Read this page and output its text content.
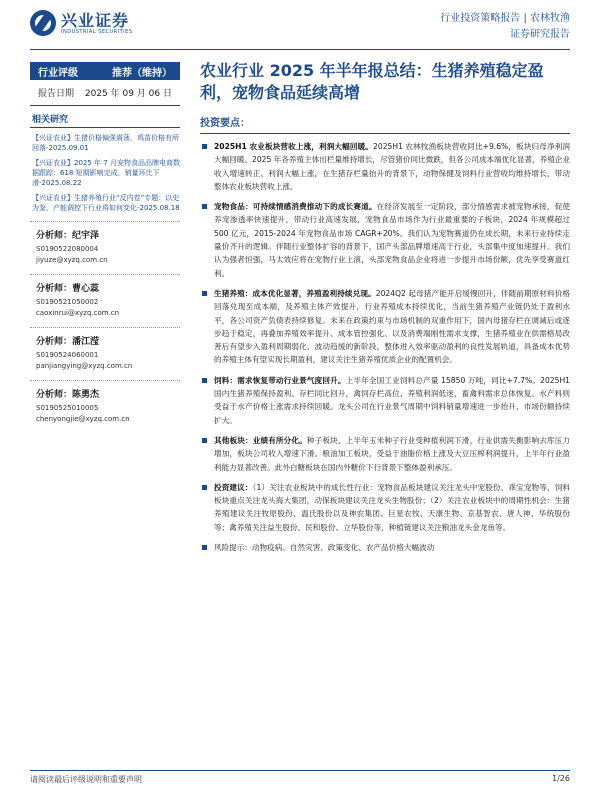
兴业证券
INDUSTRIAL SECURITIES
行业投资策略报告 | 农林牧渔
证券研究报告
行业评级	推荐（维持）
报告日期 2025 年 09 月 06 日
相关研究
【兴证农业】生猪价格偏强震荡，鸡苗价格有所回落-2025.09.01
【兴证农业】2025 年 7 月宠物食品品牌电商数据跟踪：618 短期影响完成，销量环比下滑-2025.08.22
【兴证农业】生猪养殖行业“反内卷”专题：以史为鉴，产能调控下行业将如何变化-2025.08.18
分析师：纪宇泽
S0190522080004
jiyuze@xyzq.com.cn
分析师：曹心蕊
S0190521050002
caoxinrui@xyzq.com.cn
分析师：潘江滢
S0190524060001
panjiangying@xyzq.com.cn
分析师：陈勇杰
S0190525010005
chenyongjie@xyzq.com.cn
农业行业 2025 年半年报总结：生猪养殖稳定盈利，宠物食品延续高增
投资要点：
2025H1 农业板块营收上涨，利润大幅回暖。2025H1 农林牧渔板块营收同比+9.6%，板块归母净利润大幅回暖。2025 年各养殖主体出栏量维持增长，尽管猪价同比微跌，但各公司成本端优化显著，养殖企业收入增速转正、利润大幅上涨，在生猪存栏量抬升的背景下，动物保健及饲料行业营收均维持增长，带动整体农业板块营收上涨。
宠物食品：可持续情感消费推动下的成长赛道。在经济发展至一定阶段，部分情感需求被宠物承接，促使养宠渗透率快速提升，带动行业高速发展，宠物食品市场作为行业最重要的子板块，2024 年规模超过 500 亿元，2015-2024 年宠物食品市场 CAGR+20%。我们认为宠物赛道仍在成长期，未来行业持续走量价齐升的逻辑。伴随行业整体扩容的背景下，国产头部品牌增速高于行业，头部集中度加速提升。我们认为强者恒强，马太效应将在宠物行业上演，头部宠物食品企业将进一步提升市场份额，优先享受赛道红利。
生猪养殖：成本优化显著，养殖盈利持续兑现。2024Q2 起母猪产能开启缓慢回升，伴随前期原材料价格回落兑现至成本端，及养殖主体产效提升，行业养殖成本持续优化，当前生猪养殖产业链仍处于盈利水平，各公司资产负债表持续修复。未来在政策约束与市场机制的双重作用下，国内母猪存栏在调减后或逐步趋于稳定，再叠加养殖效率提升、成本管控强化、以及消费端刚性需求支撑，生猪养殖业在供需格局改善后有望步入盈利周期弱化、波动趋缓的新阶段，整体进入效率驱动盈利的良性发展轨道，具备成本优势的养殖主体有望实现长期盈利，建议关注生猪养殖优质企业的配置机会。
饲料：需求恢复带动行业景气度回升。上半年全国工业饲料总产量 15850 万吨，同比+7.7%。2025H1 国内生猪养殖保持盈利、存栏同比回升，禽饲存栏高位、养殖利润低迷，畜禽料需求总体恢复。水产料则受益于水产价格上涨需求持续回暖。龙头公司在行业景气周期中饲料销量增速进一步抬升，市场份额持续扩大。
其他板块：业绩有所分化。种子板块，上半年玉米种子行业受种植利润下滑、行业供需失衡影响去库压力增加，板块公司收入增速下滑。粮油加工板块，受益于油脂价格上涨及大豆压榨利润提升，上半年行业盈利能力显著改善。此外白糖板块在国内外糖价下行背景下整体盈利承压。
投资建议：（1）关注农业板块中的成长性行业：宠物食品板块建议关注龙头中宠股份、乖宝宠物等，饲料板块重点关注龙头海大集团，动保板块建议关注龙头生物股份；（2）关注农业板块中的周期性机会：生猪养殖建议关注牧原股份、温氏股份以及神农集团、巨星农牧、天康生物、京基智农、唐人神、华统股份等；禽养殖关注益生股份、民和股份、立华股份等，种植链建议关注粮油龙头金龙鱼等。
风险提示：动物疫病、自然灾害、政策变化、农产品价格大幅波动
请阅读最后评级说明和重要声明	1/26
